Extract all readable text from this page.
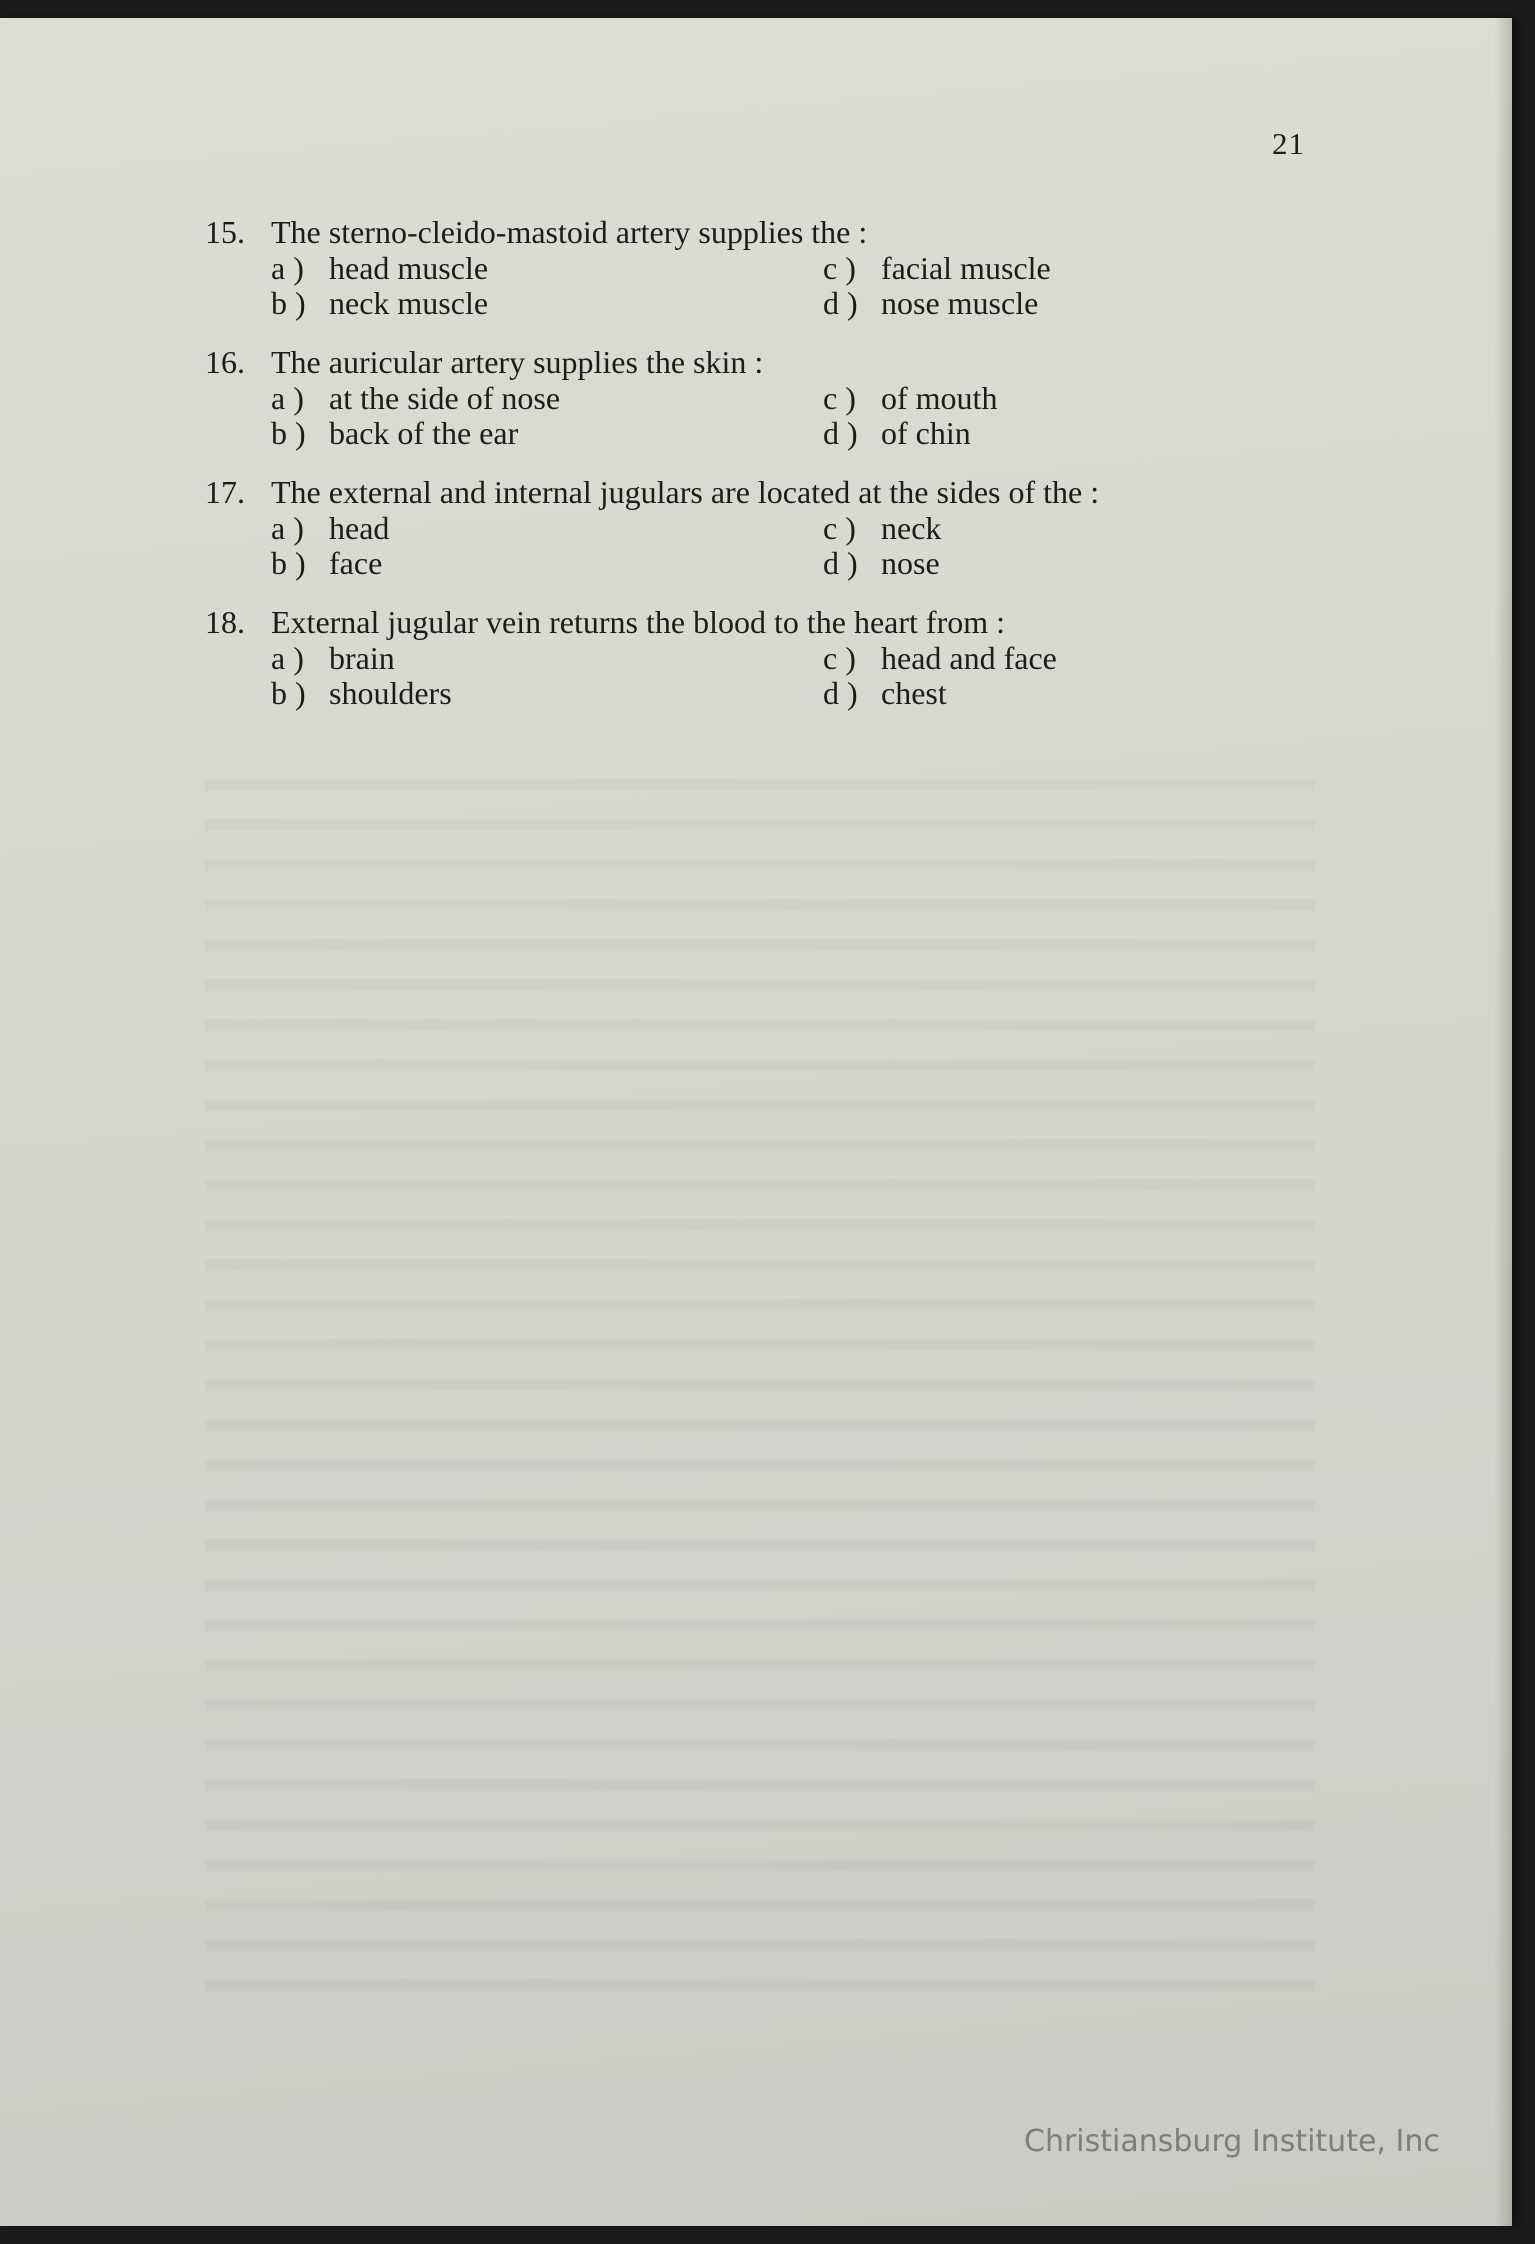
21
15. The sterno-cleido-mastoid artery supplies the :
a ) head muscle	c ) facial muscle
b ) neck muscle	d ) nose muscle
16. The auricular artery supplies the skin :
a ) at the side of nose	c ) of mouth
b ) back of the ear	d ) of chin
17. The external and internal jugulars are located at the sides of the :
a ) head	c ) neck
b ) face	d ) nose
18. External jugular vein returns the blood to the heart from :
a ) brain	c ) head and face
b ) shoulders	d ) chest
Christiansburg Institute, Inc
